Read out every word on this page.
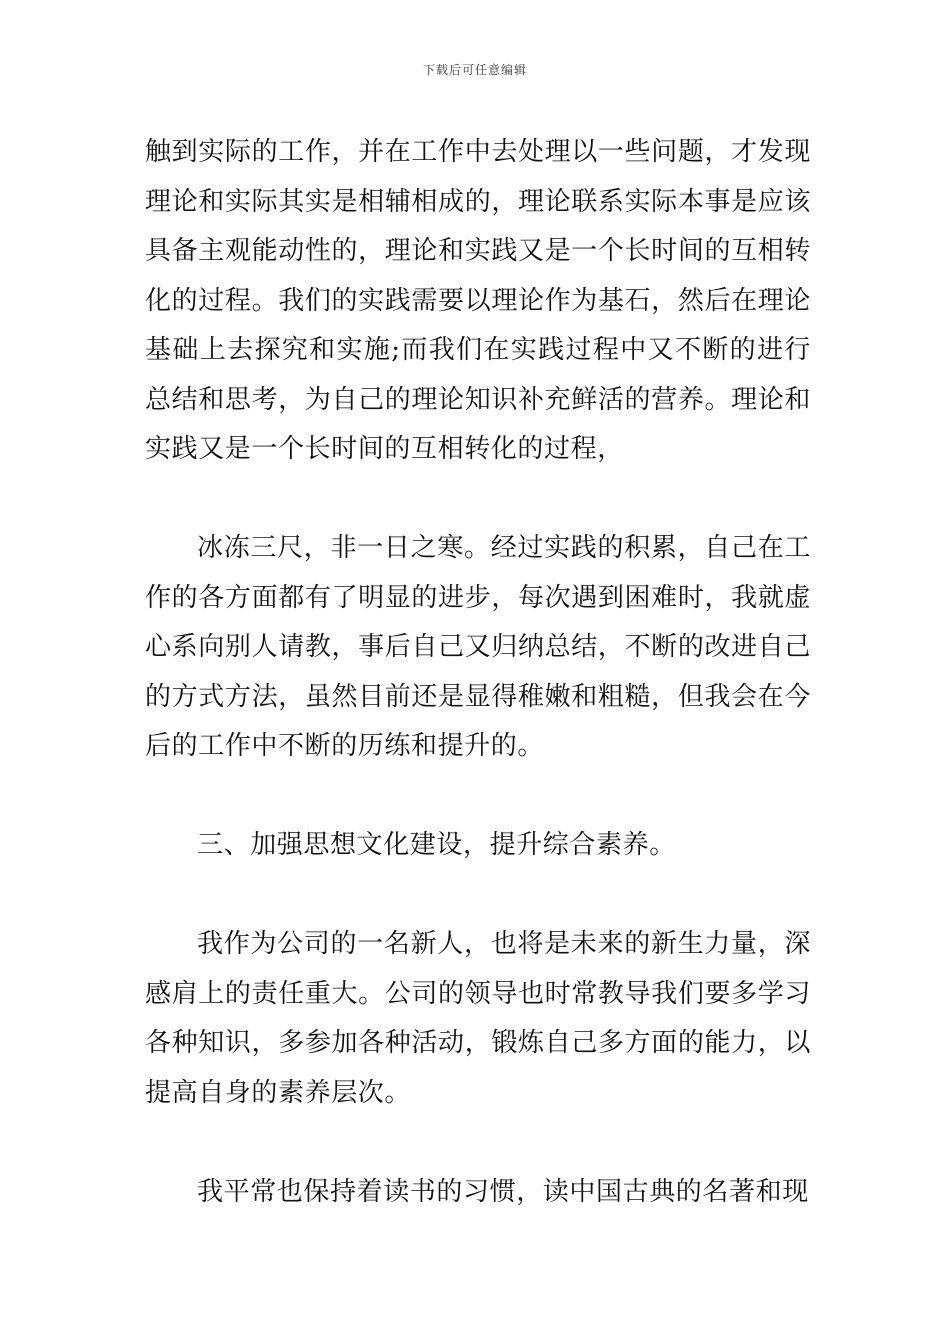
下载后可任意编辑

触到实际的工作，并在工作中去处理以一些问题，才发现理论和实际其实是相辅相成的，理论联系实际本事是应该具备主观能动性的，理论和实践又是一个长时间的互相转化的过程。我们的实践需要以理论作为基石，然后在理论基础上去探究和实施;而我们在实践过程中又不断的进行总结和思考，为自己的理论知识补充鲜活的营养。理论和实践又是一个长时间的互相转化的过程，

冰冻三尺，非一日之寒。经过实践的积累，自己在工作的各方面都有了明显的进步，每次遇到困难时，我就虚心系向别人请教，事后自己又归纳总结，不断的改进自己的方式方法，虽然目前还是显得稚嫩和粗糙，但我会在今后的工作中不断的历练和提升的。

三、加强思想文化建设，提升综合素养。

我作为公司的一名新人，也将是未来的新生力量，深感肩上的责任重大。公司的领导也时常教导我们要多学习各种知识，多参加各种活动，锻炼自己多方面的能力，以提高自身的素养层次。

我平常也保持着读书的习惯，读中国古典的名著和现
